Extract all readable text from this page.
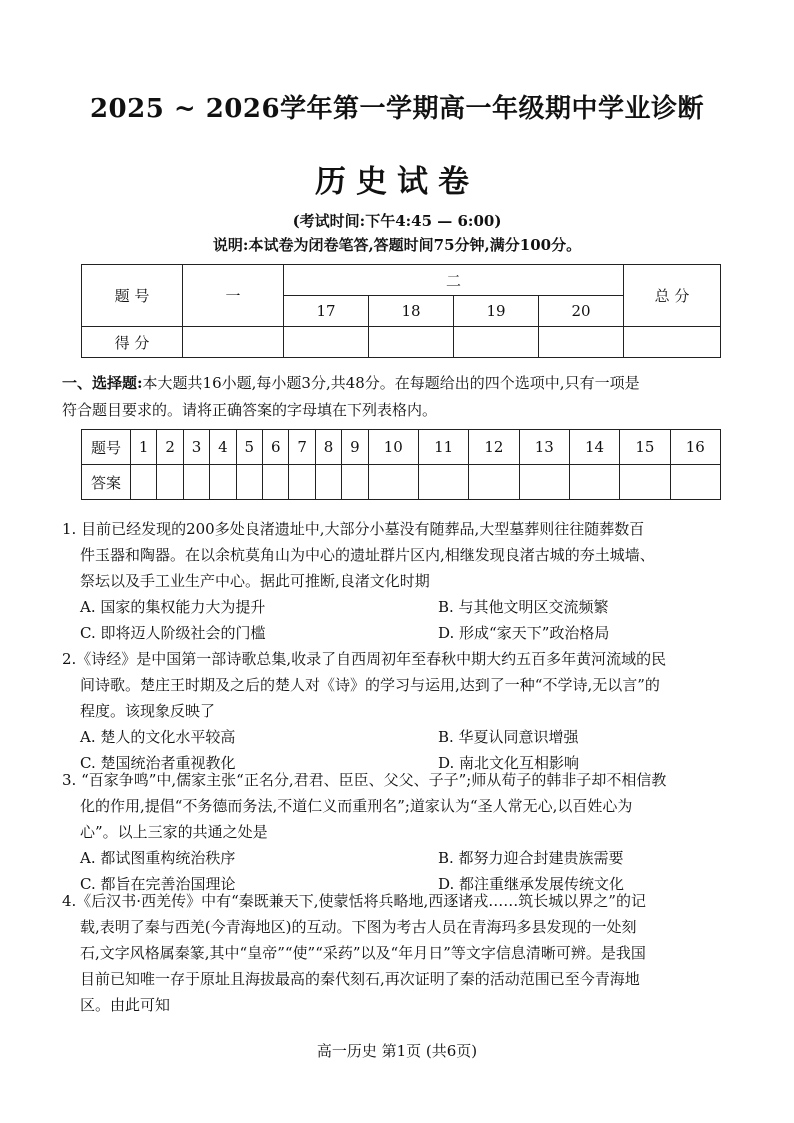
2025 ~ 2026学年第一学期高一年级期中学业诊断
历史试卷
(考试时间:下午4:45 — 6:00)
说明:本试卷为闭卷笔答,答题时间75分钟,满分100分。
题 号	一	二				总 分
		17	18	19	20	
得 分						
一、选择题:本大题共16小题,每小题3分,共48分。在每题给出的四个选项中,只有一项是
符合题目要求的。请将正确答案的字母填在下列表格内。
题号	1	2	3	4	5	6	7	8	9	10	11	12	13	14	15	16
答案																
1. 目前已经发现的200多处良渚遗址中,大部分小墓没有随葬品,大型墓葬则往往随葬数百
件玉器和陶器。在以余杭莫角山为中心的遗址群片区内,相继发现良渚古城的夯土城墙、
祭坛以及手工业生产中心。据此可推断,良渚文化时期
A. 国家的集权能力大为提升	B. 与其他文明区交流频繁
C. 即将迈人阶级社会的门槛	D. 形成“家天下”政治格局
2.《诗经》是中国第一部诗歌总集,收录了自西周初年至春秋中期大约五百多年黄河流域的民
间诗歌。楚庄王时期及之后的楚人对《诗》的学习与运用,达到了一种“不学诗,无以言”的
程度。该现象反映了
A. 楚人的文化水平较高	B. 华夏认同意识增强
C. 楚国统治者重视教化	D. 南北文化互相影响
3. “百家争鸣”中,儒家主张“正名分,君君、臣臣、父父、子子”;师从荀子的韩非子却不相信教
化的作用,提倡“不务德而务法,不道仁义而重刑名”;道家认为“圣人常无心,以百姓心为
心”。以上三家的共通之处是
A. 都试图重构统治秩序	B. 都努力迎合封建贵族需要
C. 都旨在完善治国理论	D. 都注重继承发展传统文化
4.《后汉书·西羌传》中有“秦既兼天下,使蒙恬将兵略地,西逐诸戎……筑长城以界之”的记
载,表明了秦与西羌(今青海地区)的互动。下图为考古人员在青海玛多县发现的一处刻
石,文字风格属秦篆,其中“皇帝”“使”“采药”以及“年月日”等文字信息清晰可辨。是我国
目前已知唯一存于原址且海拔最高的秦代刻石,再次证明了秦的活动范围已至今青海地
区。由此可知
高一历史 第1页 (共6页)
